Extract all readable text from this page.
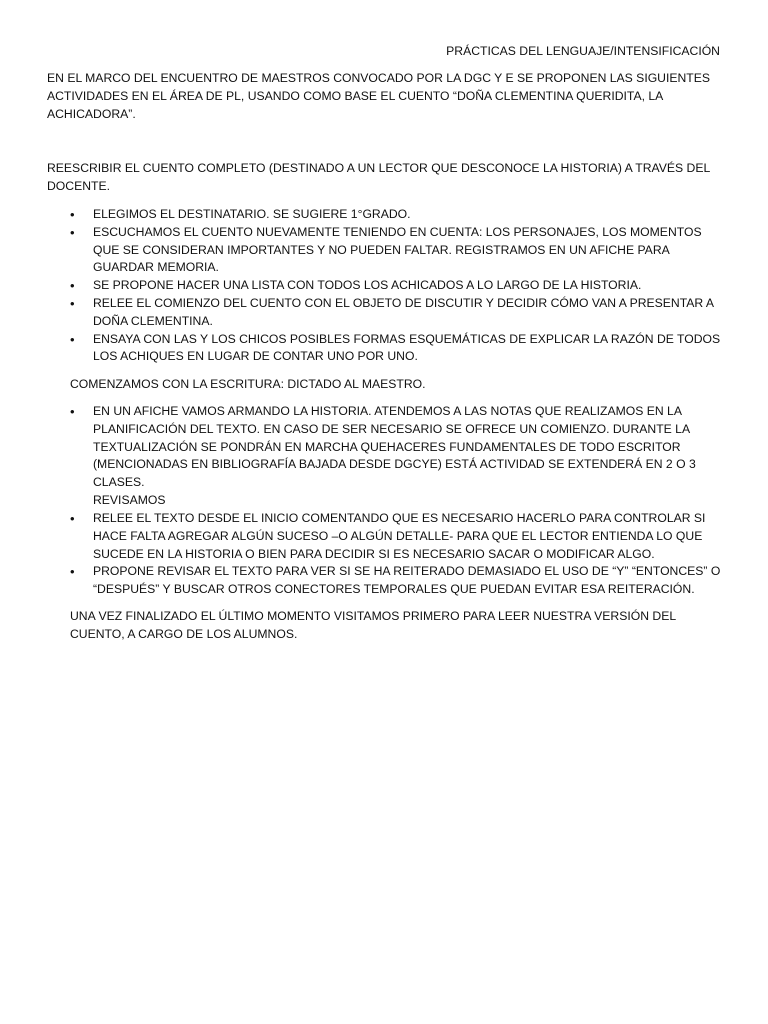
PRÁCTICAS DEL LENGUAJE/INTENSIFICACIÓN
EN EL MARCO DEL ENCUENTRO DE MAESTROS CONVOCADO POR LA DGC Y E SE PROPONEN LAS SIGUIENTES ACTIVIDADES EN EL ÁREA DE PL, USANDO COMO BASE EL CUENTO “DOÑA CLEMENTINA QUERIDITA, LA ACHICADORA”.
REESCRIBIR EL CUENTO COMPLETO (DESTINADO A UN LECTOR QUE DESCONOCE LA HISTORIA) A TRAVÉS DEL DOCENTE.
• ELEGIMOS EL DESTINATARIO. SE SUGIERE 1°GRADO.
• ESCUCHAMOS EL CUENTO NUEVAMENTE TENIENDO EN CUENTA: LOS PERSONAJES, LOS MOMENTOS QUE SE CONSIDERAN IMPORTANTES Y NO PUEDEN FALTAR. REGISTRAMOS EN UN AFICHE PARA GUARDAR MEMORIA.
• SE PROPONE HACER UNA LISTA CON TODOS LOS ACHICADOS A LO LARGO DE LA HISTORIA.
• RELEE EL COMIENZO DEL CUENTO CON EL OBJETO DE DISCUTIR Y DECIDIR CÓMO VAN A PRESENTAR A DOÑA CLEMENTINA.
• ENSAYA CON LAS Y LOS CHICOS POSIBLES FORMAS ESQUEMÁTICAS DE EXPLICAR LA RAZÓN DE TODOS LOS ACHIQUES EN LUGAR DE CONTAR UNO POR UNO.
COMENZAMOS CON LA ESCRITURA: DICTADO AL MAESTRO.
• EN UN AFICHE VAMOS ARMANDO LA HISTORIA. ATENDEMOS A LAS NOTAS QUE REALIZAMOS EN LA PLANIFICACIÓN DEL TEXTO. EN CASO DE SER NECESARIO SE OFRECE UN COMIENZO. DURANTE LA TEXTUALIZACIÓN SE PONDRÁN EN MARCHA QUEHACERES FUNDAMENTALES DE TODO ESCRITOR (MENCIONADAS EN BIBLIOGRAFÍA BAJADA DESDE DGCYE) ESTÁ ACTIVIDAD SE EXTENDERÁ EN 2 O 3 CLASES.
REVISAMOS
• RELEE EL TEXTO DESDE EL INICIO COMENTANDO QUE ES NECESARIO HACERLO PARA CONTROLAR SI HACE FALTA AGREGAR ALGÚN SUCESO –O ALGÚN DETALLE- PARA QUE EL LECTOR ENTIENDA LO QUE SUCEDE EN LA HISTORIA O BIEN PARA DECIDIR SI ES NECESARIO SACAR O MODIFICAR ALGO.
• PROPONE REVISAR EL TEXTO PARA VER SI SE HA REITERADO DEMASIADO EL USO DE “Y” “ENTONCES” O “DESPUÉS” Y BUSCAR OTROS CONECTORES TEMPORALES QUE PUEDAN EVITAR ESA REITERACIÓN.
UNA VEZ FINALIZADO EL ÚLTIMO MOMENTO VISITAMOS PRIMERO PARA LEER NUESTRA VERSIÓN DEL CUENTO, A CARGO DE LOS ALUMNOS.
